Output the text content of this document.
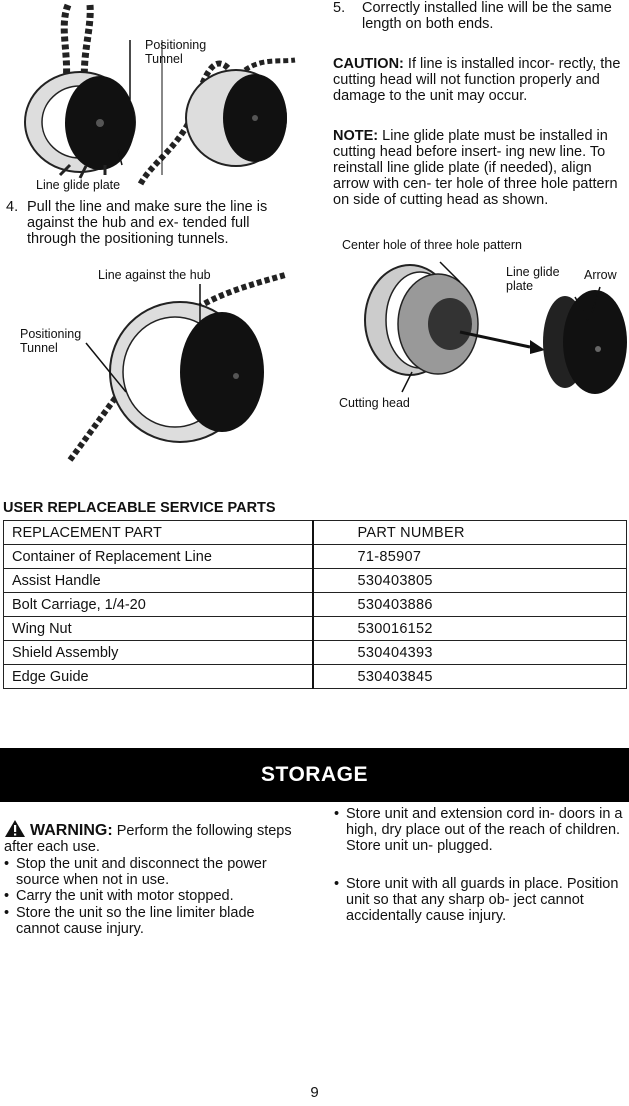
Positioning
Tunnel
Line glide plate
4. Pull the line and make sure the line is against the hub and ex- tended full through the positioning tunnels.
Line against the hub
Positioning
Tunnel
5. Correctly installed line will be the same length on both ends.
CAUTION: If line is installed incor- rectly, the cutting head will not function properly and damage to the unit may occur.
NOTE: Line glide plate must be installed in cutting head before insert- ing new line. To reinstall line glide plate (if needed), align arrow with cen- ter hole of three hole pattern on side of cutting head as shown.
Center hole of three hole pattern
Line glide
plate
Arrow
Cutting head
USER REPLACEABLE SERVICE PARTS
REPLACEMENT PART	PART NUMBER
Container of Replacement Line	71-85907
Assist Handle	530403805
Bolt Carriage, 1/4-20	530403886
Wing Nut	530016152
Shield Assembly	530404393
Edge Guide	530403845
STORAGE
WARNING: Perform the following steps after each use.
• Stop the unit and disconnect the power source when not in use.
• Carry the unit with motor stopped.
• Store the unit so the line limiter blade cannot cause injury.
• Store unit and extension cord in- doors in a high, dry place out of the reach of children. Store unit un- plugged.
• Store unit with all guards in place. Position unit so that any sharp ob- ject cannot accidentally cause injury.
9
